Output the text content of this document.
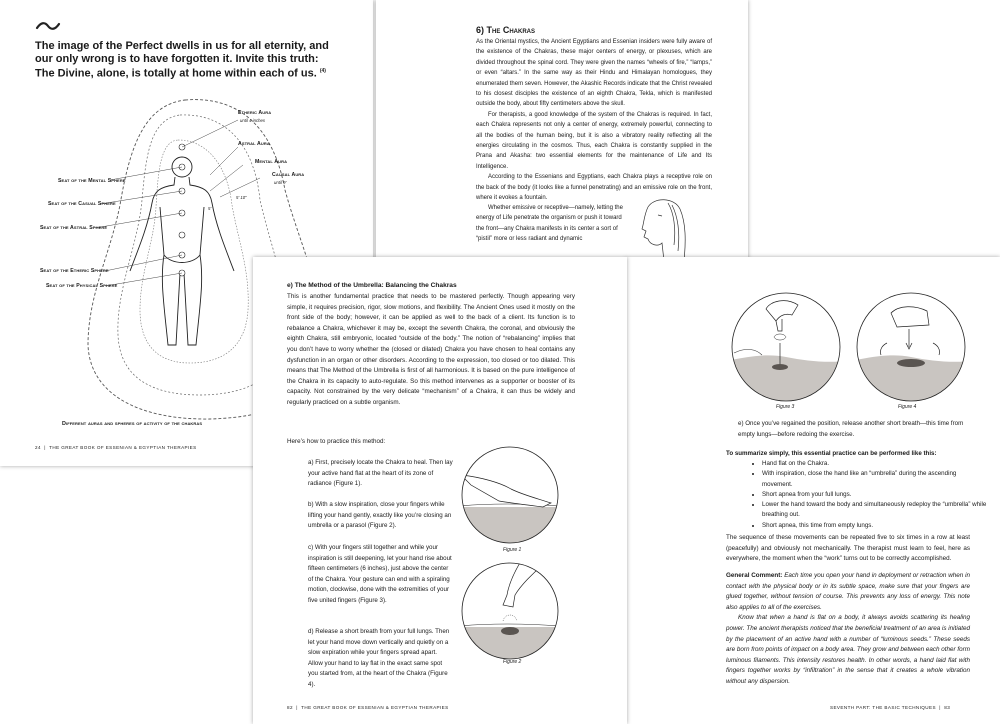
The image of the Perfect dwells in us for all eternity, and our only wrong is to have forgotten it. Invite this truth: The Divine, alone, is totally at home within each of us. $^{(4)}$

Etheric Aura
until 4 inches
Astral Aura
Mental Aura
Causal Aura
until 9'
5'
5' 10"
Seat of the Mental Sphere
Seat of the Casual Sphere
Seat of the Astral Sphere
Seat of the Etheric Sphere
Seat of the Physical Sphere
Different auras and spheres of activity of the chakras
24  |  THE GREAT BOOK OF ESSENIAN & EGYPTIAN THERAPIES
6) The Chakras

As the Oriental mystics, the Ancient Egyptians and Essenian insiders were fully aware of the existence of the Chakras, these major centers of energy, or plexuses, which are divided throughout the spinal cord. They were given the names “wheels of fire,” “lamps,” or even “altars.” In the same way as their Hindu and Himalayan homologues, they enumerated them seven. However, the Akashic Records indicate that the Christ revealed to his closest disciples the existence of an eighth Chakra, Tekla, which is manifested outside the body, about fifty centimeters above the skull.

For therapists, a good knowledge of the system of the Chakras is required. In fact, each Chakra represents not only a center of energy, extremely powerful, connecting to all the bodies of the human being, but it is also a vibratory reality reflecting all the energies circulating in the cosmos. Thus, each Chakra is constantly supplied in the Prana and Akasha: two essential elements for the maintenance of Life and Its Intelligence.

According to the Essenians and Egyptians, each Chakra plays a receptive role on the back of the body (it looks like a funnel penetrating) and an emissive role on the front, where it evokes a fountain.

Whether emissive or receptive—namely, letting the energy of Life penetrate the organism or push it toward the front—any Chakra manifests in its center a sort of “pistil” more or less radiant and dynamic

e) The Method of the Umbrella: Balancing the Chakras

This is another fundamental practice that needs to be mastered perfectly. Though appearing very simple, it requires precision, rigor, slow motions, and flexibility. The Ancient Ones used it mostly on the front side of the body; however, it can be applied as well to the back of a client. Its function is to rebalance a Chakra, whichever it may be, except the seventh Chakra, the coronal, and obviously the eighth Chakra, still embryonic, located “outside of the body.” The notion of “rebalancing” implies that you don’t have to worry whether the (closed or dilated) Chakra you have chosen to heal contains any dysfunction in an organ or other disorders. According to the expression, too closed or too dilated. This means that The Method of the Umbrella is first of all harmonious. It is based on the pure intelligence of the Chakra in its capacity to auto-regulate. So this method intervenes as a supporter or booster of its capacity. Not constrained by the very delicate “mechanism” of a Chakra, it can thus be widely and regularly practiced on a subtle organism.

Here’s how to practice this method:

a) First, precisely locate the Chakra to heal. Then lay your active hand flat at the heart of its zone of radiance (Figure 1).

b) With a slow inspiration, close your fingers while lifting your hand gently, exactly like you’re closing an umbrella or a parasol (Figure 2).

c) With your fingers still together and while your inspiration is still deepening, let your hand rise about fifteen centimeters (6 inches), just above the center of the Chakra. Your gesture can end with a spiraling motion, clockwise, done with the extremities of your five united fingers (Figure 3).

d) Release a short breath from your full lungs. Then let your hand move down vertically and quietly on a slow expiration while your fingers spread apart. Allow your hand to lay flat in the exact same spot you started from, at the heart of the Chakra (Figure 4).

Figure 1
Figure 2
82  |  THE GREAT BOOK OF ESSENIAN & EGYPTIAN THERAPIES
Figure 3	Figure 4

e) Once you’ve regained the position, release another short breath—this time from empty lungs—before redoing the exercise.

To summarize simply, this essential practice can be performed like this:

• Hand flat on the Chakra.
• With inspiration, close the hand like an “umbrella” during the ascending movement.
• Short apnea from your full lungs.
• Lower the hand toward the body and simultaneously redeploy the “umbrella” while breathing out.
• Short apnea, this time from empty lungs.

The sequence of these movements can be repeated five to six times in a row at least (peacefully) and obviously not mechanically. The therapist must learn to feel, here as everywhere, the moment when the “work” turns out to be correctly accomplished.

General Comment: Each time you open your hand in deployment or retraction when in contact with the physical body or in its subtle space, make sure that your fingers are glued together, without tension of course. This prevents any loss of energy. This note also applies to all of the exercises.

Know that when a hand is flat on a body, it always avoids scattering its healing power. The ancient therapists noticed that the beneficial treatment of an area is initiated by the placement of an active hand with a number of “luminous seeds.” These seeds are born from points of impact on a body area. They grow and between each other form luminous filaments. This intensity restores health. In other words, a hand laid flat with fingers together works by “infiltration” in the sense that it creates a whole vibration without any dispersion.

SEVENTH PART: THE BASIC TECHNIQUES  |  83
